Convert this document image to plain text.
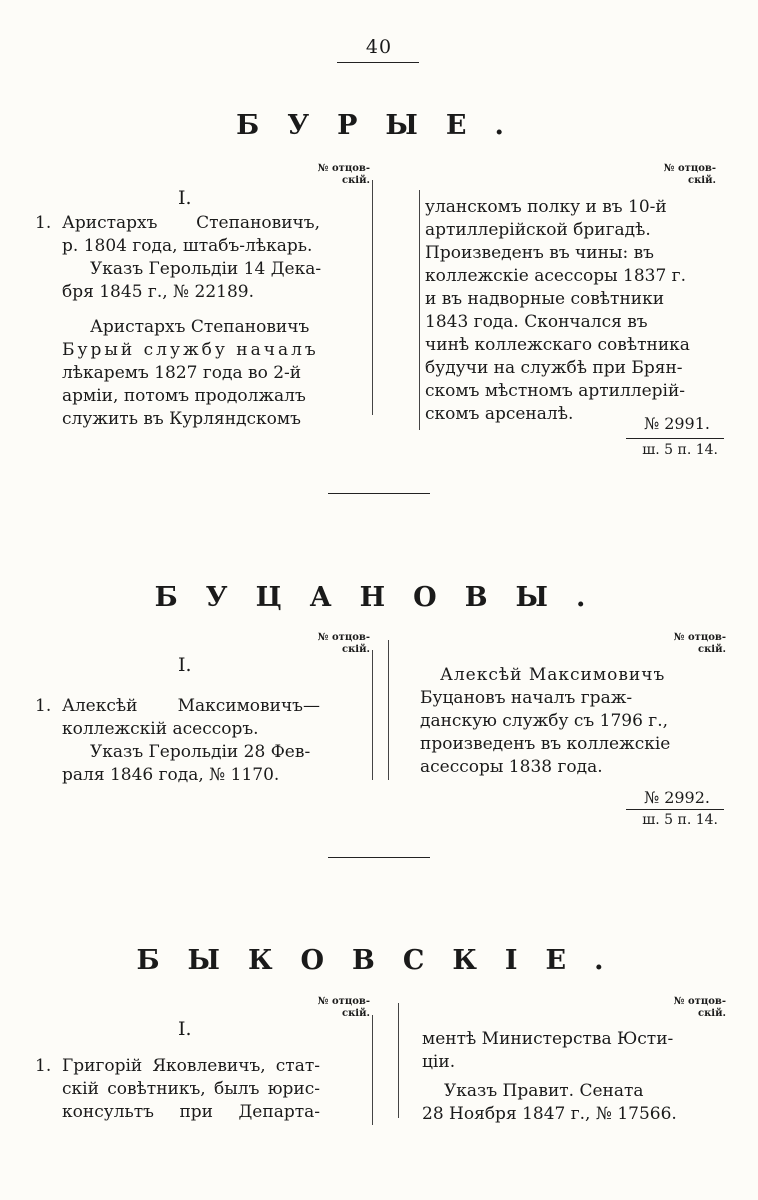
40
БУРЫЕ.
№ отцов-
скій.
№ отцов-
скій.
I.
1. Аристархъ Степановичъ,
р. 1804 года, штабъ-лѣкарь.
Указъ Герольдіи 14 Дека-
бря 1845 г., № 22189.
Аристархъ Степановичъ
Бурый службу началъ
лѣкаремъ 1827 года во 2-й
арміи, потомъ продолжалъ
служить въ Курляндскомъ
уланскомъ полку и въ 10-й
артиллерійской бригадѣ.
Произведенъ въ чины: въ
коллежскіе асессоры 1837 г.
и въ надворные совѣтники
1843 года. Скончался въ
чинѣ коллежскаго совѣтника
будучи на службѣ при Брян-
скомъ мѣстномъ артиллерій-
скомъ арсеналѣ.	№ 2991.
ш. 5 п. 14.
БУЦАНОВЫ.
№ отцов-
скій.
№ отцов-
скій.
I.
1. Алексѣй Максимовичъ—
коллежскій асессоръ.
Указъ Герольдіи 28 Фев-
раля 1846 года, № 1170.
Алексѣй Максимовичъ
Буцановъ началъ граж-
данскую службу съ 1796 г.,
произведенъ въ коллежскіе
асессоры 1838 года.
№ 2992.
ш. 5 п. 14.
БЫКОВСКІЕ.
№ отцов-
скій.
№ отцов-
скій.
I.
1. Григорій Яковлевичъ, стат-
скій совѣтникъ, былъ юрис-
консультъ при Департа-
ментѣ Министерства Юсти-
ціи.
Указъ Правит. Сената
28 Ноября 1847 г., № 17566.
